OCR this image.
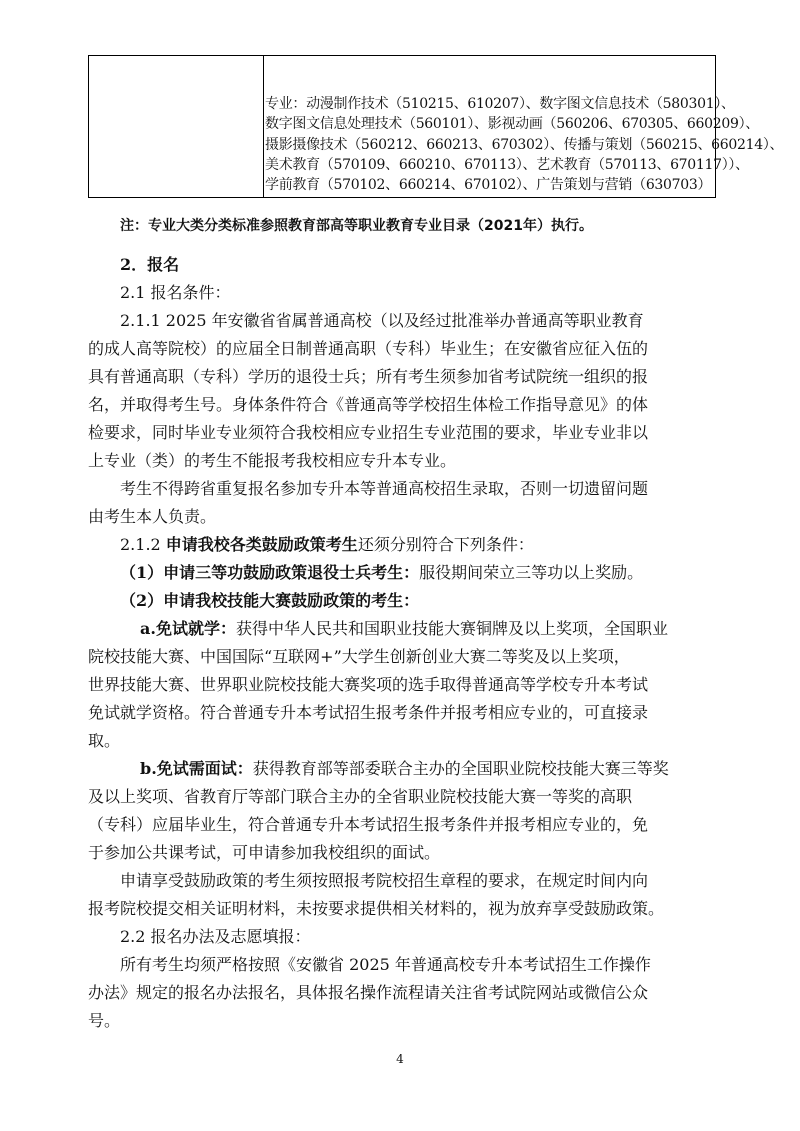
专业：动漫制作技术（510215、610207）、数字图文信息技术（580301）、
数字图文信息处理技术（560101）、影视动画（560206、670305、660209）、
摄影摄像技术（560212、660213、670302）、传播与策划（560215、660214）、
美术教育（570109、660210、670113）、艺术教育（570113、670117））、
学前教育（570102、660214、670102）、广告策划与营销（630703）
注：专业大类分类标准参照教育部高等职业教育专业目录（2021年）执行。
2．报名
2.1 报名条件：
2.1.1 2025 年安徽省省属普通高校（以及经过批准举办普通高等职业教育
的成人高等院校）的应届全日制普通高职（专科）毕业生；在安徽省应征入伍的
具有普通高职（专科）学历的退役士兵；所有考生须参加省考试院统一组织的报
名，并取得考生号。身体条件符合《普通高等学校招生体检工作指导意见》的体
检要求，同时毕业专业须符合我校相应专业招生专业范围的要求，毕业专业非以
上专业（类）的考生不能报考我校相应专升本专业。
考生不得跨省重复报名参加专升本等普通高校招生录取，否则一切遗留问题
由考生本人负责。
2.1.2 申请我校各类鼓励政策考生还须分别符合下列条件：
（1）申请三等功鼓励政策退役士兵考生：服役期间荣立三等功以上奖励。
（2）申请我校技能大赛鼓励政策的考生：
a.免试就学：获得中华人民共和国职业技能大赛铜牌及以上奖项，全国职业
院校技能大赛、中国国际“互联网+”大学生创新创业大赛二等奖及以上奖项，
世界技能大赛、世界职业院校技能大赛奖项的选手取得普通高等学校专升本考试
免试就学资格。符合普通专升本考试招生报考条件并报考相应专业的，可直接录
取。
b.免试需面试：获得教育部等部委联合主办的全国职业院校技能大赛三等奖
及以上奖项、省教育厅等部门联合主办的全省职业院校技能大赛一等奖的高职
（专科）应届毕业生，符合普通专升本考试招生报考条件并报考相应专业的，免
于参加公共课考试，可申请参加我校组织的面试。
申请享受鼓励政策的考生须按照报考院校招生章程的要求，在规定时间内向
报考院校提交相关证明材料，未按要求提供相关材料的，视为放弃享受鼓励政策。
2.2 报名办法及志愿填报：
所有考生均须严格按照《安徽省 2025 年普通高校专升本考试招生工作操作
办法》规定的报名办法报名，具体报名操作流程请关注省考试院网站或微信公众
号。
4
